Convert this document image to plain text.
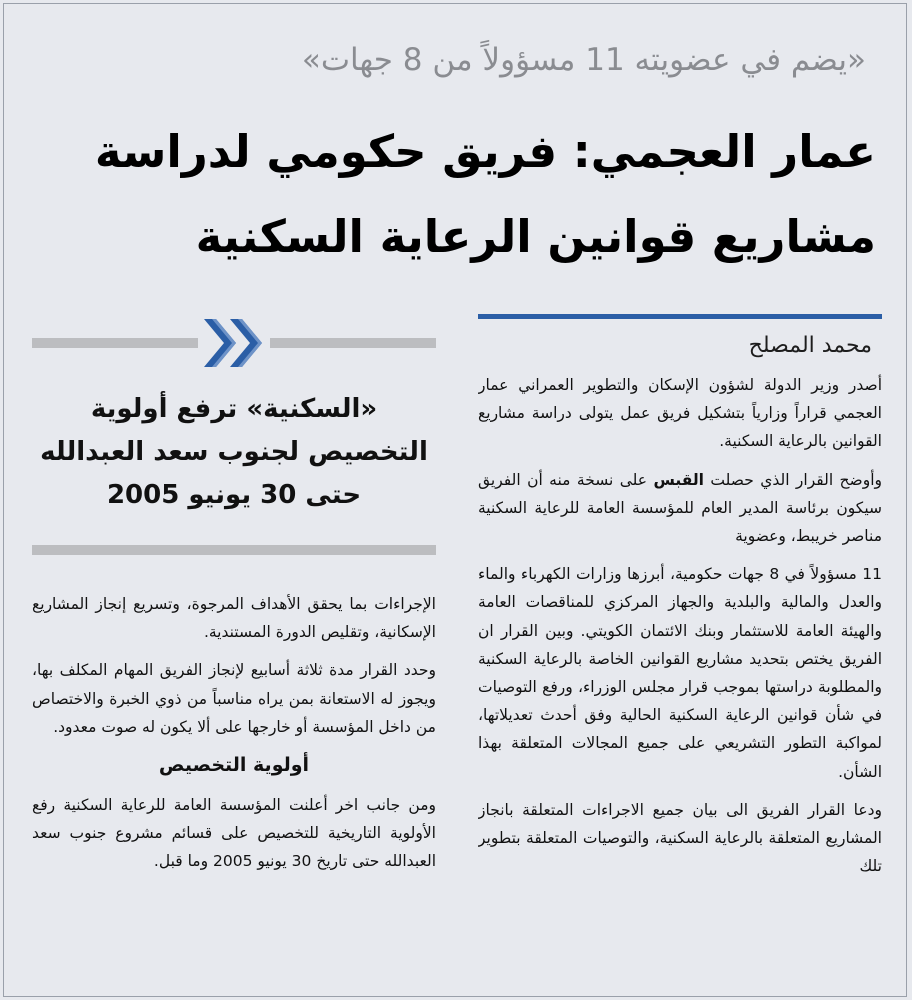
«يضم في عضويته 11 مسؤولاً من 8 جهات»
عمار العجمي: فريق حكومي لدراسة مشاريع قوانين الرعاية السكنية
محمد المصلح

أصدر وزير الدولة لشؤون الإسكان والتطوير العمراني عمار العجمي قراراً وزارياً بتشكيل فريق عمل يتولى دراسة مشاريع القوانين بالرعاية السكنية.

وأوضح القرار الذي حصلت القبس على نسخة منه أن الفريق سيكون برئاسة المدير العام للمؤسسة العامة للرعاية السكنية مناصر خريبط، وعضوية

11 مسؤولاً في 8 جهات حكومية، أبرزها وزارات الكهرباء والماء والعدل والمالية والبلدية والجهاز المركزي للمناقصات العامة والهيئة العامة للاستثمار وبنك الائتمان الكويتي. وبين القرار ان الفريق يختص بتحديد مشاريع القوانين الخاصة بالرعاية السكنية والمطلوبة دراستها بموجب قرار مجلس الوزراء، ورفع التوصيات في شأن قوانين الرعاية السكنية الحالية وفق أحدث تعديلاتها، لمواكبة التطور التشريعي على جميع المجالات المتعلقة بهذا الشأن.

ودعا القرار الفريق الى بيان جميع الاجراءات المتعلقة بانجاز المشاريع المتعلقة بالرعاية السكنية، والتوصيات المتعلقة بتطوير تلك

«السكنية» ترفع أولوية التخصيص لجنوب سعد العبدالله حتى 30 يونيو 2005

الإجراءات بما يحقق الأهداف المرجوة، وتسريع إنجاز المشاريع الإسكانية، وتقليص الدورة المستندية.

وحدد القرار مدة ثلاثة أسابيع لإنجاز الفريق المهام المكلف بها، ويجوز له الاستعانة بمن يراه مناسباً من ذوي الخبرة والاختصاص من داخل المؤسسة أو خارجها على ألا يكون له صوت معدود.

أولوية التخصيص

ومن جانب اخر أعلنت المؤسسة العامة للرعاية السكنية رفع الأولوية التاريخية للتخصيص على قسائم مشروع جنوب سعد العبدالله حتى تاريخ 30 يونيو 2005 وما قبل.
